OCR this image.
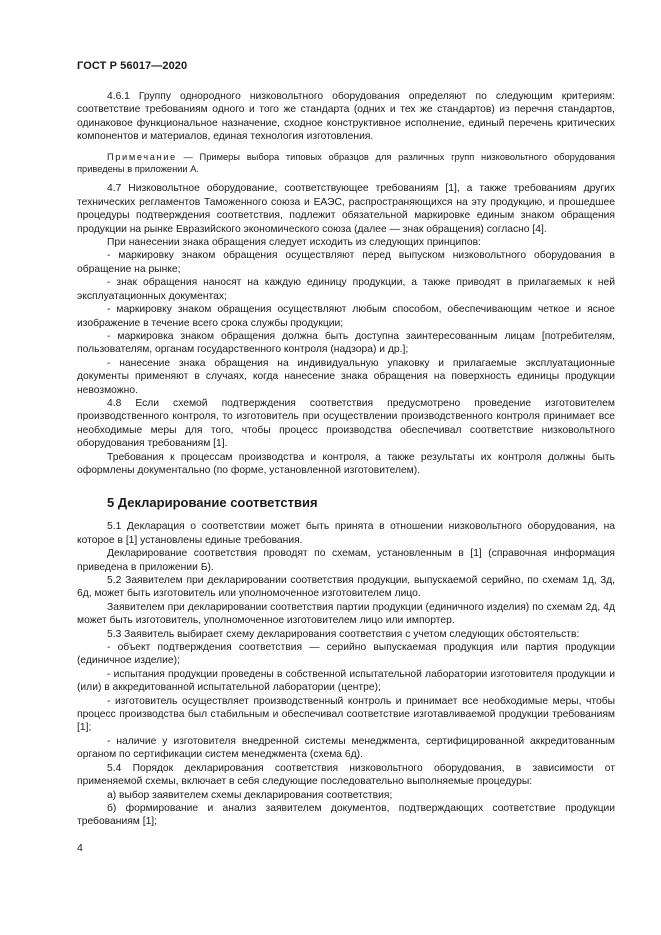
ГОСТ Р 56017—2020

4.6.1 Группу однородного низковольтного оборудования определяют по следующим критериям: соответствие требованиям одного и того же стандарта (одних и тех же стандартов) из перечня стандартов, одинаковое функциональное назначение, сходное конструктивное исполнение, единый перечень критических компонентов и материалов, единая технология изготовления.

Примечание — Примеры выбора типовых образцов для различных групп низковольтного оборудования приведены в приложении А.

4.7 Низковольтное оборудование, соответствующее требованиям [1], а также требованиям других технических регламентов Таможенного союза и ЕАЭС, распространяющихся на эту продукцию, и прошедшее процедуры подтверждения соответствия, подлежит обязательной маркировке единым знаком обращения продукции на рынке Евразийского экономического союза (далее — знак обращения) согласно [4].

При нанесении знака обращения следует исходить из следующих принципов:

- маркировку знаком обращения осуществляют перед выпуском низковольтного оборудования в обращение на рынке;

- знак обращения наносят на каждую единицу продукции, а также приводят в прилагаемых к ней эксплуатационных документах;

- маркировку знаком обращения осуществляют любым способом, обеспечивающим четкое и ясное изображение в течение всего срока службы продукции;

- маркировка знаком обращения должна быть доступна заинтересованным лицам [потребителям, пользователям, органам государственного контроля (надзора) и др.];

- нанесение знака обращения на индивидуальную упаковку и прилагаемые эксплуатационные документы применяют в случаях, когда нанесение знака обращения на поверхность единицы продукции невозможно.

4.8 Если схемой подтверждения соответствия предусмотрено проведение изготовителем производственного контроля, то изготовитель при осуществлении производственного контроля принимает все необходимые меры для того, чтобы процесс производства обеспечивал соответствие низковольтного оборудования требованиям [1].

Требования к процессам производства и контроля, а также результаты их контроля должны быть оформлены документально (по форме, установленной изготовителем).

5 Декларирование соответствия

5.1 Декларация о соответствии может быть принята в отношении низковольтного оборудования, на которое в [1] установлены единые требования.

Декларирование соответствия проводят по схемам, установленным в [1] (справочная информация приведена в приложении Б).

5.2 Заявителем при декларировании соответствия продукции, выпускаемой серийно, по схемам 1д, 3д, 6д, может быть изготовитель или уполномоченное изготовителем лицо.

Заявителем при декларировании соответствия партии продукции (единичного изделия) по схемам 2д, 4д может быть изготовитель, уполномоченное изготовителем лицо или импортер.

5.3 Заявитель выбирает схему декларирования соответствия с учетом следующих обстоятельств:

- объект подтверждения соответствия — серийно выпускаемая продукция или партия продукции (единичное изделие);

- испытания продукции проведены в собственной испытательной лаборатории изготовителя продукции и (или) в аккредитованной испытательной лаборатории (центре);

- изготовитель осуществляет производственный контроль и принимает все необходимые меры, чтобы процесс производства был стабильным и обеспечивал соответствие изготавливаемой продукции требованиям [1];

- наличие у изготовителя внедренной системы менеджмента, сертифицированной аккредитованным органом по сертификации систем менеджмента (схема 6д).

5.4 Порядок декларирования соответствия низковольтного оборудования, в зависимости от применяемой схемы, включает в себя следующие последовательно выполняемые процедуры:

а) выбор заявителем схемы декларирования соответствия;

б) формирование и анализ заявителем документов, подтверждающих соответствие продукции требованиям [1];

4
